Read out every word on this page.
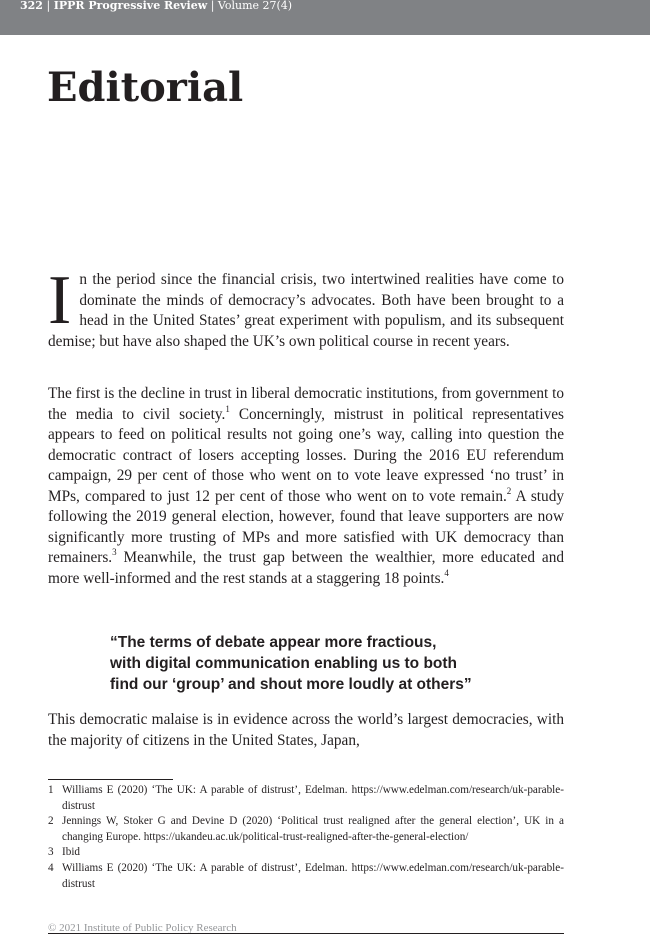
322 | IPPR Progressive Review | Volume 27(4)
Editorial

In the period since the financial crisis, two intertwined realities have come to dominate the minds of democracy’s advocates. Both have been brought to a head in the United States’ great experiment with populism, and its subsequent demise; but have also shaped the UK’s own political course in recent years.

The first is the decline in trust in liberal democratic institutions, from government to the media to civil society.$^1$ Concerningly, mistrust in political representatives appears to feed on political results not going one’s way, calling into question the democratic contract of losers accepting losses. During the 2016 EU referendum campaign, 29 per cent of those who went on to vote leave expressed ‘no trust’ in MPs, compared to just 12 per cent of those who went on to vote remain.$^2$ A study following the 2019 general election, however, found that leave supporters are now significantly more trusting of MPs and more satisfied with UK democracy than remainers.$^3$ Meanwhile, the trust gap between the wealthier, more educated and more well-informed and the rest stands at a staggering 18 points.$^4$

“The terms of debate appear more fractious,
with digital communication enabling us to both
find our ‘group’ and shout more loudly at others”

This democratic malaise is in evidence across the world’s largest democracies, with the majority of citizens in the United States, Japan,

1 Williams E (2020) ‘The UK: A parable of distrust’, Edelman. https://www.edelman.com/research/uk-parable-distrust
2 Jennings W, Stoker G and Devine D (2020) ‘Political trust realigned after the general election’, UK in a changing Europe. https://ukandeu.ac.uk/political-trust-realigned-after-the-general-election/
3 Ibid
4 Williams E (2020) ‘The UK: A parable of distrust’, Edelman. https://www.edelman.com/research/uk-parable-distrust
© 2021 Institute of Public Policy Research
